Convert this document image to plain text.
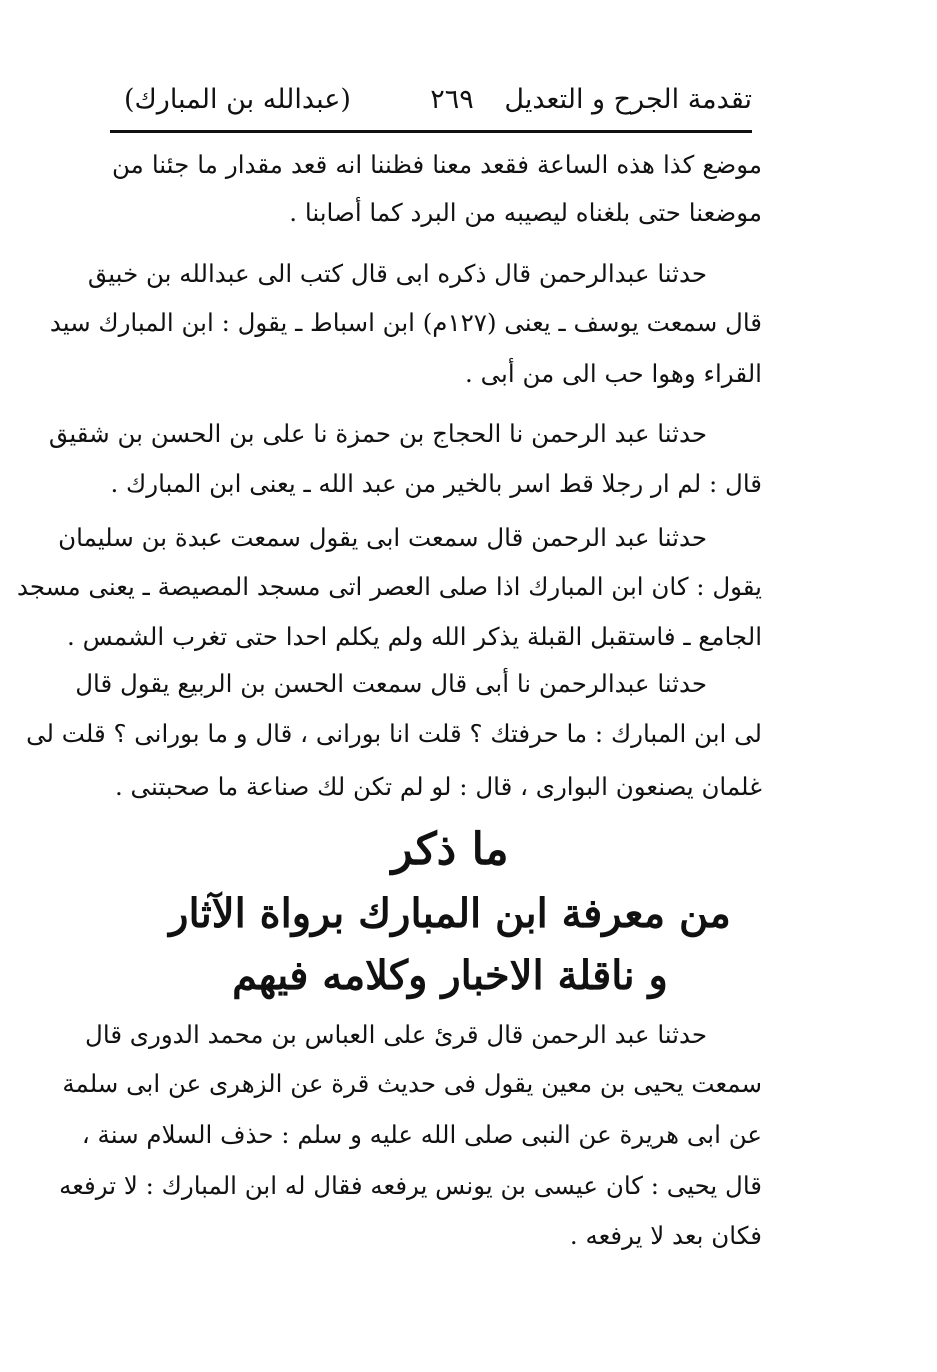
تقدمة الجرح و التعديل
٢٦٩
(عبدالله بن المبارك)
موضع كذا هذه الساعة فقعد معنا فظننا انه قعد مقدار ما جئنا من
موضعنا حتى بلغناه ليصيبه من البرد كما أصابنا .
حدثنا عبدالرحمن قال ذكره ابى قال كتب الى عبدالله بن خبيق
قال سمعت يوسف ـ يعنى (١٢٧م) ابن اسباط ـ يقول : ابن المبارك سيد
القراء وهوا حب الى من أبى .
حدثنا عبد الرحمن نا الحجاج بن حمزة نا على بن الحسن بن شقيق
قال : لم ار رجلا قط اسر بالخير من عبد الله ـ يعنى ابن المبارك .
حدثنا عبد الرحمن قال سمعت ابى يقول سمعت عبدة بن سليمان
يقول : كان ابن المبارك اذا صلى العصر اتى مسجد المصيصة ـ يعنى مسجد
الجامع ـ فاستقبل القبلة يذكر الله ولم يكلم احدا حتى تغرب الشمس .
حدثنا عبدالرحمن نا أبى قال سمعت الحسن بن الربيع يقول قال
لى ابن المبارك : ما حرفتك ؟ قلت انا بورانى ، قال و ما بورانى ؟ قلت لى
غلمان يصنعون البوارى ، قال : لو لم تكن لك صناعة ما صحبتنى .
ما ذكر
من معرفة ابن المبارك برواة الآثار
و ناقلة الاخبار وكلامه فيهم
حدثنا عبد الرحمن قال قرئ على العباس بن محمد الدورى قال
سمعت يحيى بن معين يقول فى حديث قرة عن الزهرى عن ابى سلمة
عن ابى هريرة عن النبى صلى الله عليه و سلم : حذف السلام سنة ،
قال يحيى : كان عيسى بن يونس يرفعه فقال له ابن المبارك : لا ترفعه
فكان بعد لا يرفعه .
